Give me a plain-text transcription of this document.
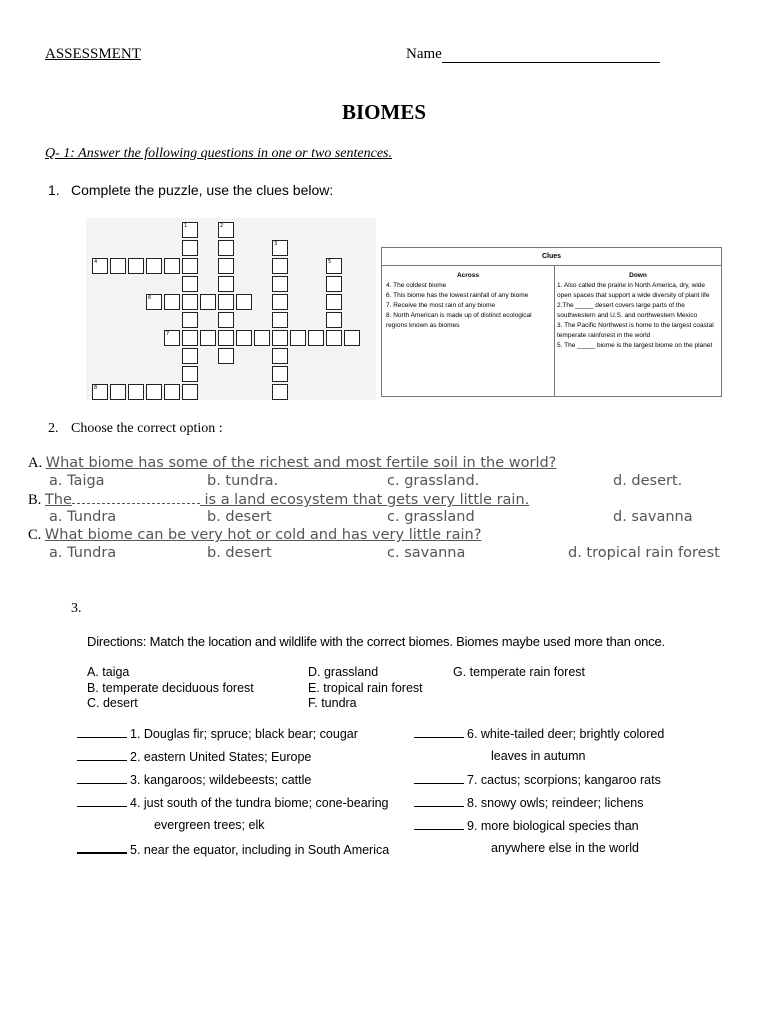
ASSESSMENT	Name
BIOMES
Q- 1: Answer the following questions in one or two sentences.
1. Complete the puzzle, use the clues below:
1	2
3
4	5
6
7
8
Clues
Across
4. The coldest biome
6. This biome has the lowest rainfall of any biome
7. Receive the most rain of any biome
8. North American is made up of distinct ecological regions known as biomes
Down
1. Also called the prairie in North America, dry, wide open spaces that support a wide diversity of plant life
2.The _____ desert covers large parts of the southwestern and U.S. and northwestern Mexico
3. The Pacific Northwest is home to the largest coastal temperate rainforest in the world
5. The _____ biome is the largest biome on the planet
2. Choose the correct option :
A. What biome has some of the richest and most fertile soil in the world?
a. Taiga	b. tundra.	c. grassland.	d. desert.
B. The	is a land ecosystem that gets very little rain.
a. Tundra	b. desert	c. grassland	d. savanna
C. What biome can be very hot or cold and has very little rain?
a. Tundra	b. desert	c. savanna	d. tropical rain forest
3.
Directions: Match the location and wildlife with the correct biomes. Biomes maybe used more than once.
A. taiga
B. temperate deciduous forest
C. desert
D. grassland
E. tropical rain forest
F. tundra
G. temperate rain forest
1. Douglas fir; spruce; black bear; cougar
2. eastern United States; Europe
3. kangaroos; wildebeests; cattle
4. just south of the tundra biome; cone-bearing
evergreen trees; elk
5. near the equator, including in South America
6. white-tailed deer; brightly colored
leaves in autumn
7. cactus; scorpions; kangaroo rats
8. snowy owls; reindeer; lichens
9. more biological species than
anywhere else in the world
